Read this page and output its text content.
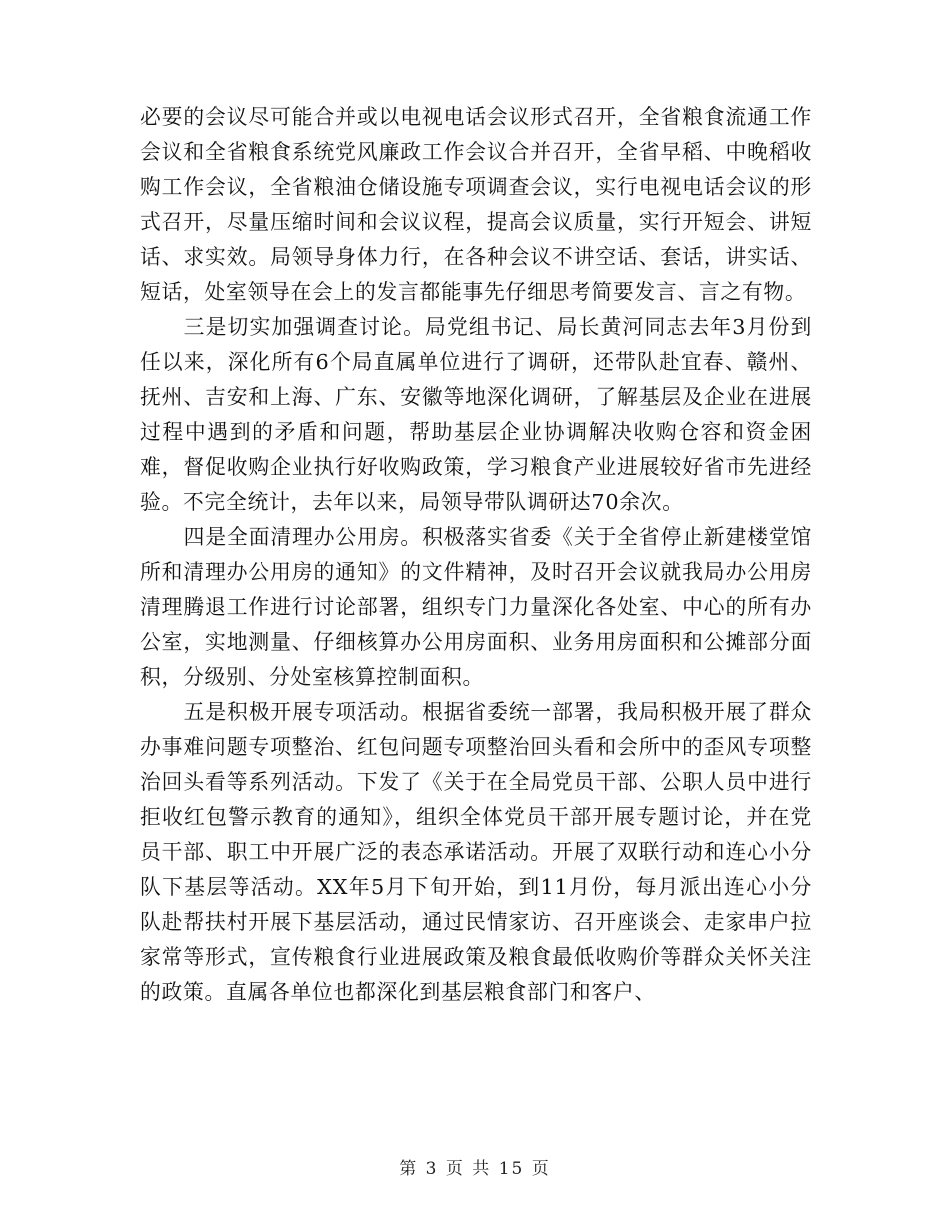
必要的会议尽可能合并或以电视电话会议形式召开，全省粮食流通工作会议和全省粮食系统党风廉政工作会议合并召开，全省早稻、中晚稻收购工作会议，全省粮油仓储设施专项调查会议，实行电视电话会议的形式召开，尽量压缩时间和会议议程，提高会议质量，实行开短会、讲短话、求实效。局领导身体力行，在各种会议不讲空话、套话，讲实话、短话，处室领导在会上的发言都能事先仔细思考简要发言、言之有物。

三是切实加强调查讨论。局党组书记、局长黄河同志去年3月份到任以来，深化所有6个局直属单位进行了调研，还带队赴宜春、赣州、抚州、吉安和上海、广东、安徽等地深化调研，了解基层及企业在进展过程中遇到的矛盾和问题，帮助基层企业协调解决收购仓容和资金困难，督促收购企业执行好收购政策，学习粮食产业进展较好省市先进经验。不完全统计，去年以来，局领导带队调研达70余次。

四是全面清理办公用房。积极落实省委《关于全省停止新建楼堂馆所和清理办公用房的通知》的文件精神，及时召开会议就我局办公用房清理腾退工作进行讨论部署，组织专门力量深化各处室、中心的所有办公室，实地测量、仔细核算办公用房面积、业务用房面积和公摊部分面积，分级别、分处室核算控制面积。

五是积极开展专项活动。根据省委统一部署，我局积极开展了群众办事难问题专项整治、红包问题专项整治回头看和会所中的歪风专项整治回头看等系列活动。下发了《关于在全局党员干部、公职人员中进行拒收红包警示教育的通知》，组织全体党员干部开展专题讨论，并在党员干部、职工中开展广泛的表态承诺活动。开展了双联行动和连心小分队下基层等活动。XX年5月下旬开始，到11月份，每月派出连心小分队赴帮扶村开展下基层活动，通过民情家访、召开座谈会、走家串户拉家常等形式，宣传粮食行业进展政策及粮食最低收购价等群众关怀关注的政策。直属各单位也都深化到基层粮食部门和客户、

第 3 页 共 15 页
